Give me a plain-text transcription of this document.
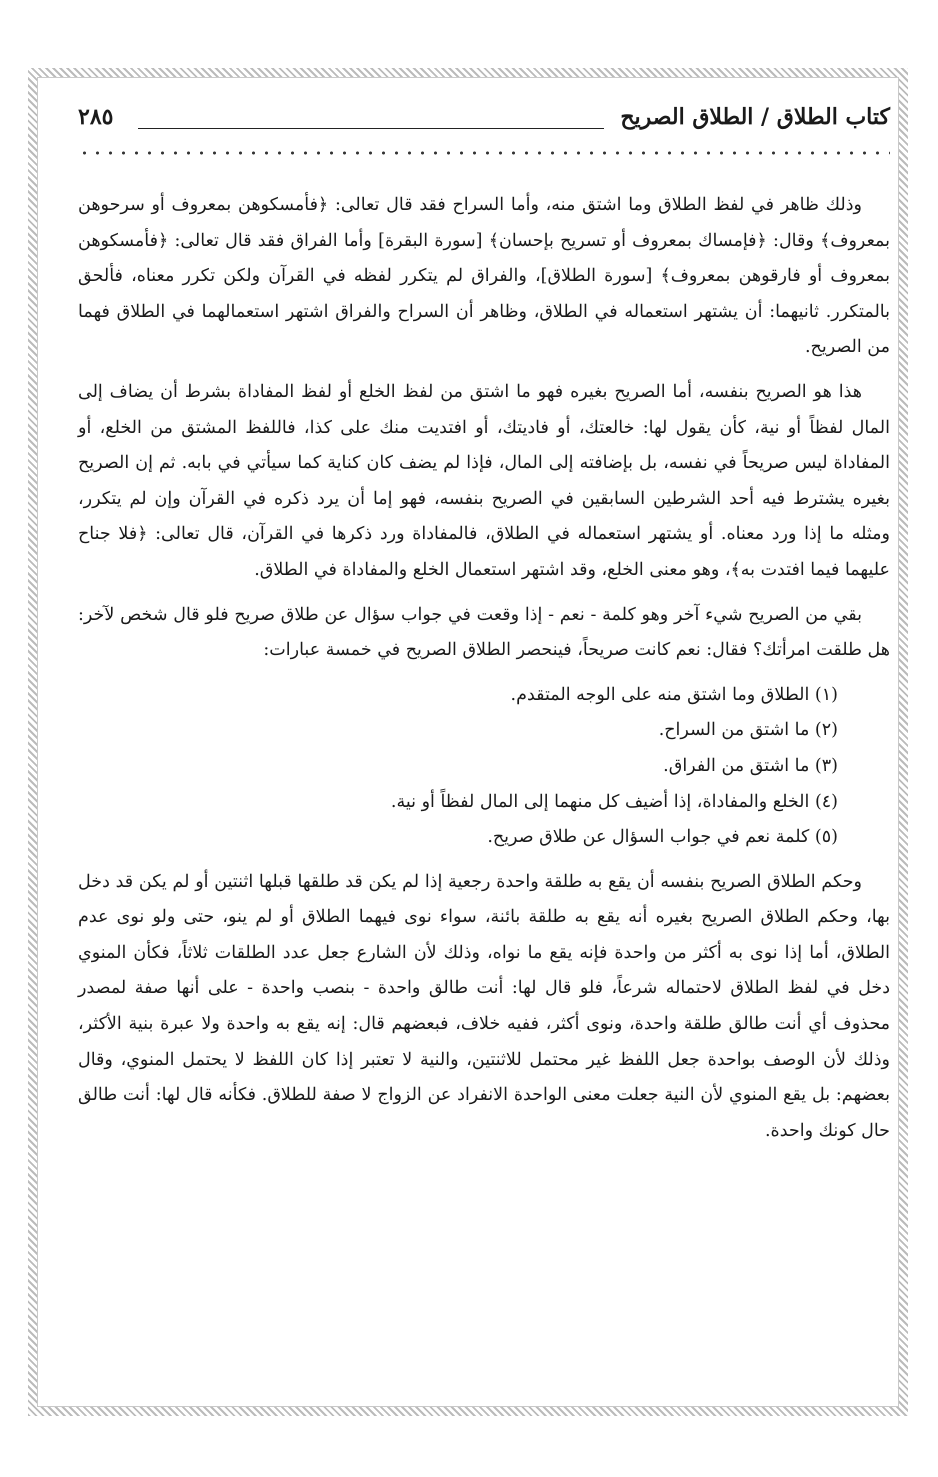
كتاب الطلاق / الطلاق الصريح
٢٨٥

وذلك ظاهر في لفظ الطلاق وما اشتق منه، وأما السراح فقد قال تعالى: ﴿فأمسكوهن بمعروف أو سرحوهن بمعروف﴾ وقال: ﴿فإمساك بمعروف أو تسريح بإحسان﴾ [سورة البقرة] وأما الفراق فقد قال تعالى: ﴿فأمسكوهن بمعروف أو فارقوهن بمعروف﴾ [سورة الطلاق]، والفراق لم يتكرر لفظه في القرآن ولكن تكرر معناه، فألحق بالمتكرر. ثانيهما: أن يشتهر استعماله في الطلاق، وظاهر أن السراح والفراق اشتهر استعمالهما في الطلاق فهما من الصريح.

هذا هو الصريح بنفسه، أما الصريح بغيره فهو ما اشتق من لفظ الخلع أو لفظ المفاداة بشرط أن يضاف إلى المال لفظاً أو نية، كأن يقول لها: خالعتك، أو فاديتك، أو افتديت منك على كذا، فاللفظ المشتق من الخلع، أو المفاداة ليس صريحاً في نفسه، بل بإضافته إلى المال، فإذا لم يضف كان كناية كما سيأتي في بابه. ثم إن الصريح بغيره يشترط فيه أحد الشرطين السابقين في الصريح بنفسه، فهو إما أن يرد ذكره في القرآن وإن لم يتكرر، ومثله ما إذا ورد معناه. أو يشتهر استعماله في الطلاق، فالمفاداة ورد ذكرها في القرآن، قال تعالى: ﴿فلا جناح عليهما فيما افتدت به﴾، وهو معنى الخلع، وقد اشتهر استعمال الخلع والمفاداة في الطلاق.

بقي من الصريح شيء آخر وهو كلمة - نعم - إذا وقعت في جواب سؤال عن طلاق صريح فلو قال شخص لآخر: هل طلقت امرأتك؟ فقال: نعم كانت صريحاً، فينحصر الطلاق الصريح في خمسة عبارات:

(١) الطلاق وما اشتق منه على الوجه المتقدم.
(٢) ما اشتق من السراح.
(٣) ما اشتق من الفراق.
(٤) الخلع والمفاداة، إذا أضيف كل منهما إلى المال لفظاً أو نية.
(٥) كلمة نعم في جواب السؤال عن طلاق صريح.

وحكم الطلاق الصريح بنفسه أن يقع به طلقة واحدة رجعية إذا لم يكن قد طلقها قبلها اثنتين أو لم يكن قد دخل بها، وحكم الطلاق الصريح بغيره أنه يقع به طلقة بائنة، سواء نوى فيهما الطلاق أو لم ينو، حتى ولو نوى عدم الطلاق، أما إذا نوى به أكثر من واحدة فإنه يقع ما نواه، وذلك لأن الشارع جعل عدد الطلقات ثلاثاً، فكأن المنوي دخل في لفظ الطلاق لاحتماله شرعاً، فلو قال لها: أنت طالق واحدة - بنصب واحدة - على أنها صفة لمصدر محذوف أي أنت طالق طلقة واحدة، ونوى أكثر، ففيه خلاف، فبعضهم قال: إنه يقع به واحدة ولا عبرة بنية الأكثر، وذلك لأن الوصف بواحدة جعل اللفظ غير محتمل للاثنتين، والنية لا تعتبر إذا كان اللفظ لا يحتمل المنوي، وقال بعضهم: بل يقع المنوي لأن النية جعلت معنى الواحدة الانفراد عن الزواج لا صفة للطلاق. فكأنه قال لها: أنت طالق حال كونك واحدة.
